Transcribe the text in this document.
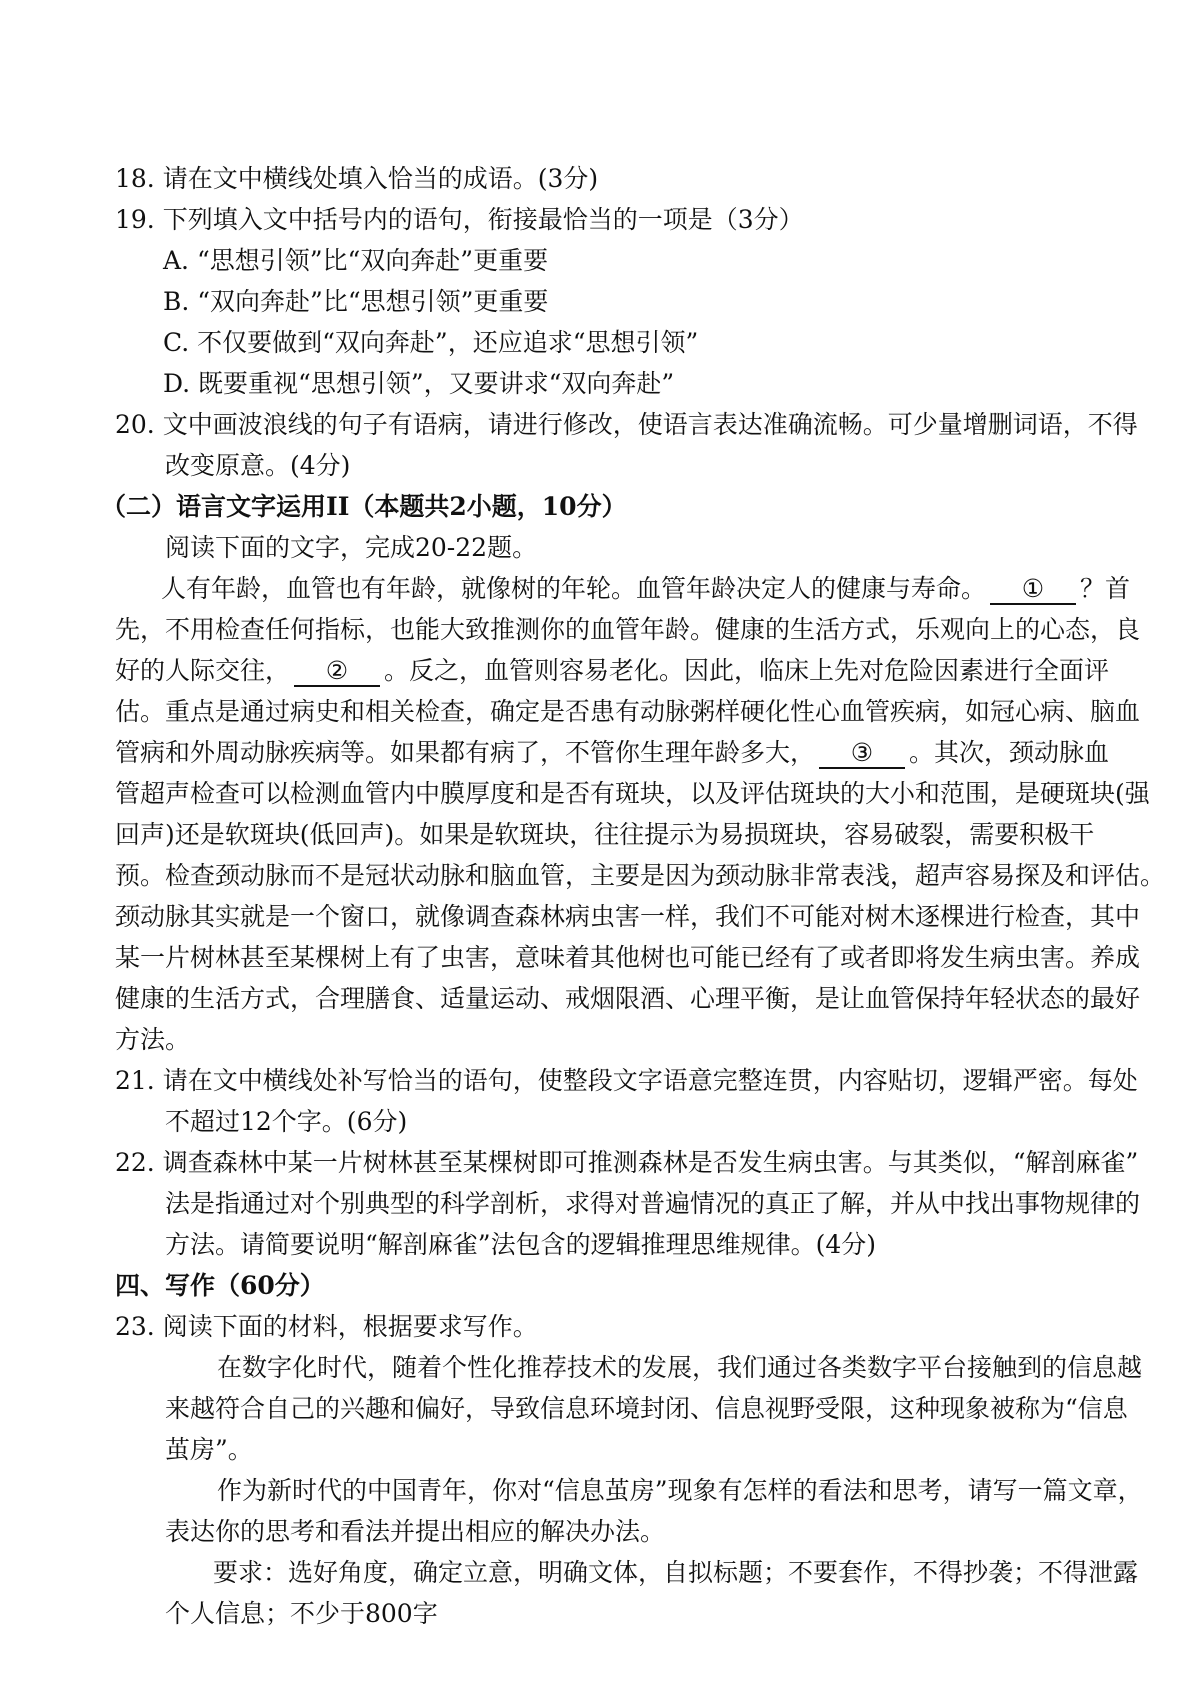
18. 请在文中横线处填入恰当的成语。(3分)
19. 下列填入文中括号内的语句，衔接最恰当的一项是（3分）
A. “思想引领”比“双向奔赴”更重要
B. “双向奔赴”比“思想引领”更重要
C. 不仅要做到“双向奔赴”，还应追求“思想引领”
D. 既要重视“思想引领”，又要讲求“双向奔赴”
20. 文中画波浪线的句子有语病，请进行修改，使语言表达准确流畅。可少量增删词语，不得
改变原意。(4分)
（二）语言文字运用II（本题共2小题，10分）
阅读下面的文字，完成20-22题。
人有年龄，血管也有年龄，就像树的年轮。血管年龄决定人的健康与寿命。 ① ？首
先，不用检查任何指标，也能大致推测你的血管年龄。健康的生活方式，乐观向上的心态，良
好的人际交往， ② 。反之，血管则容易老化。因此，临床上先对危险因素进行全面评
估。重点是通过病史和相关检查，确定是否患有动脉粥样硬化性心血管疾病，如冠心病、脑血
管病和外周动脉疾病等。如果都有病了，不管你生理年龄多大， ③ 。其次，颈动脉血
管超声检查可以检测血管内中膜厚度和是否有斑块，以及评估斑块的大小和范围，是硬斑块(强
回声)还是软斑块(低回声)。如果是软斑块，往往提示为易损斑块，容易破裂，需要积极干
预。检查颈动脉而不是冠状动脉和脑血管，主要是因为颈动脉非常表浅，超声容易探及和评估。
颈动脉其实就是一个窗口，就像调查森林病虫害一样，我们不可能对树木逐棵进行检查，其中
某一片树林甚至某棵树上有了虫害，意味着其他树也可能已经有了或者即将发生病虫害。养成
健康的生活方式，合理膳食、适量运动、戒烟限酒、心理平衡，是让血管保持年轻状态的最好
方法。
21. 请在文中横线处补写恰当的语句，使整段文字语意完整连贯，内容贴切，逻辑严密。每处
不超过12个字。(6分)
22. 调查森林中某一片树林甚至某棵树即可推测森林是否发生病虫害。与其类似，“解剖麻雀”
法是指通过对个别典型的科学剖析，求得对普遍情况的真正了解，并从中找出事物规律的
方法。请简要说明“解剖麻雀”法包含的逻辑推理思维规律。(4分)
四、写作（60分）
23. 阅读下面的材料，根据要求写作。
在数字化时代，随着个性化推荐技术的发展，我们通过各类数字平台接触到的信息越
来越符合自己的兴趣和偏好，导致信息环境封闭、信息视野受限，这种现象被称为“信息
茧房”。
作为新时代的中国青年，你对“信息茧房”现象有怎样的看法和思考，请写一篇文章，
表达你的思考和看法并提出相应的解决办法。
要求：选好角度，确定立意，明确文体，自拟标题；不要套作，不得抄袭；不得泄露
个人信息；不少于800字
